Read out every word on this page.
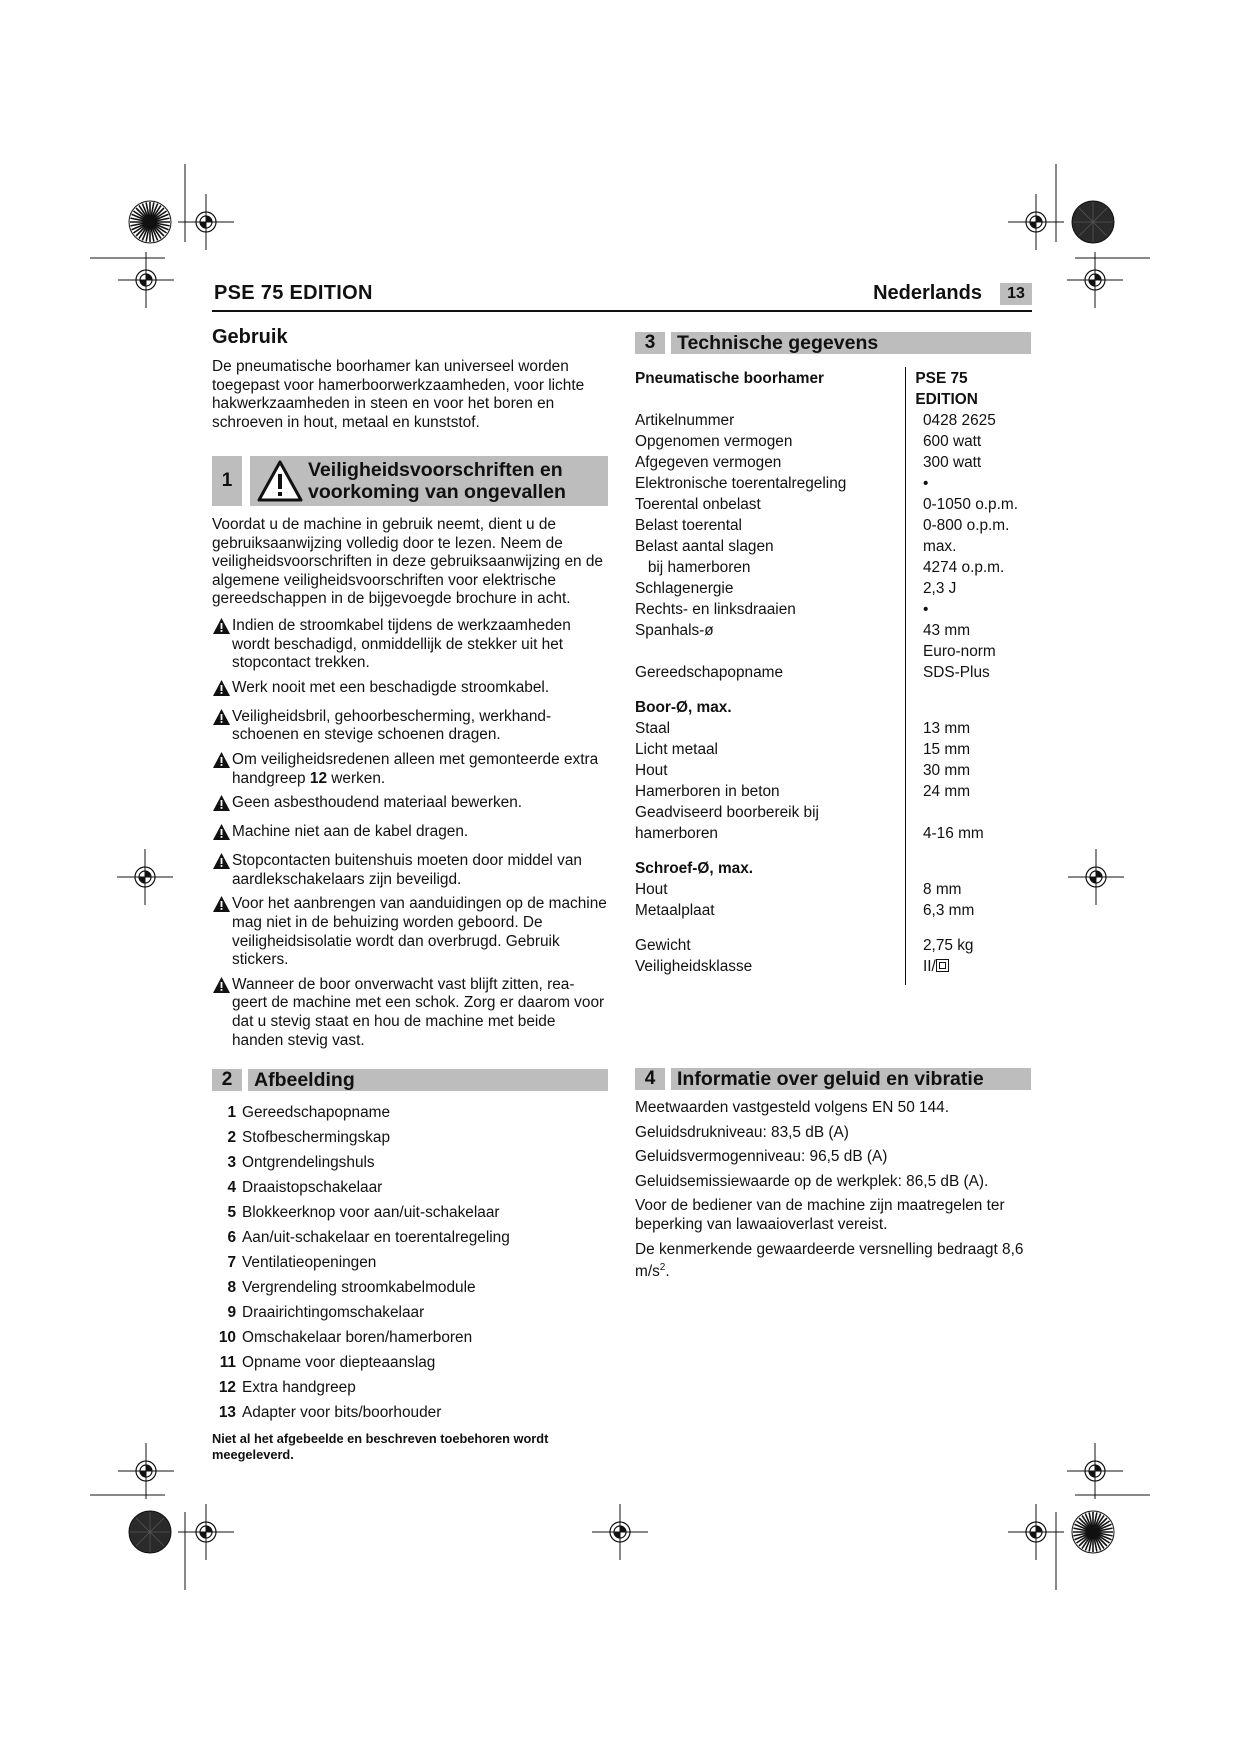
PSE 75 EDITION	Nederlands	13
Gebruik

De pneumatische boorhamer kan universeel worden toegepast voor hamerboorwerkzaamheden, voor lichte hakwerkzaamheden in steen en voor het boren en schroeven in hout, metaal en kunststof.

1	Veiligheidsvoorschriften en
voorkoming van ongevallen

Voordat u de machine in gebruik neemt, dient u de gebruiksaanwijzing volledig door te lezen. Neem de veiligheidsvoorschriften in deze gebruiksaanwijzing en de algemene veiligheidsvoorschriften voor elektrische gereedschappen in de bijgevoegde brochure in acht.

Indien de stroomkabel tijdens de werkzaamheden wordt beschadigd, onmiddellijk de stekker uit het stopcontact trekken.
Werk nooit met een beschadigde stroomkabel.
Veiligheidsbril, gehoorbescherming, werkhand-schoenen en stevige schoenen dragen.
Om veiligheidsredenen alleen met gemonteerde extra handgreep 12 werken.
Geen asbesthoudend materiaal bewerken.
Machine niet aan de kabel dragen.
Stopcontacten buitenshuis moeten door middel van aardlekschakelaars zijn beveiligd.
Voor het aanbrengen van aanduidingen op de machine mag niet in de behuizing worden geboord. De veiligheidsisolatie wordt dan overbrugd. Gebruik stickers.
Wanneer de boor onverwacht vast blijft zitten, rea-geert de machine met een schok. Zorg er daarom voor dat u stevig staat en hou de machine met beide handen stevig vast.
2	Afbeelding
1 Gereedschapopname
2 Stofbeschermingskap
3 Ontgrendelingshuls
4 Draaistopschakelaar
5 Blokkeerknop voor aan/uit-schakelaar
6 Aan/uit-schakelaar en toerentalregeling
7 Ventilatieopeningen
8 Vergrendeling stroomkabelmodule
9 Draairichtingomschakelaar
10 Omschakelaar boren/hamerboren
11 Opname voor diepteaanslag
12 Extra handgreep
13 Adapter voor bits/boorhouder
Niet al het afgebeelde en beschreven toebehoren wordt meegeleverd.
3	Technische gegevens
Pneumatische boorhamer	PSE 75 EDITION
Artikelnummer	0428 2625
Opgenomen vermogen	600 watt
Afgegeven vermogen	300 watt
Elektronische toerentalregeling	•
Toerental onbelast	0-1050 o.p.m.
Belast toerental	0-800 o.p.m.
Belast aantal slagen	max.
bij hamerboren	4274 o.p.m.
Schlagenergie	2,3 J
Rechts- en linksdraaien	•
Spanhals-ø	43 mm
Euro-norm
Gereedschapopname	SDS-Plus
Boor-Ø, max.
Staal	13 mm
Licht metaal	15 mm
Hout	30 mm
Hamerboren in beton	24 mm
Geadviseerd boorbereik bij
hamerboren	4-16 mm
Schroef-Ø, max.
Hout	8 mm
Metaalplaat	6,3 mm
Gewicht	2,75 kg
Veiligheidsklasse	II/
4	Informatie over geluid en vibratie

Meetwaarden vastgesteld volgens EN 50 144.

Geluidsdrukniveau: 83,5 dB (A)

Geluidsvermogenniveau: 96,5 dB (A)

Geluidsemissiewaarde op de werkplek: 86,5 dB (A).

Voor de bediener van de machine zijn maatregelen ter beperking van lawaaioverlast vereist.

De kenmerkende gewaardeerde versnelling bedraagt 8,6 $m/s^2$.
